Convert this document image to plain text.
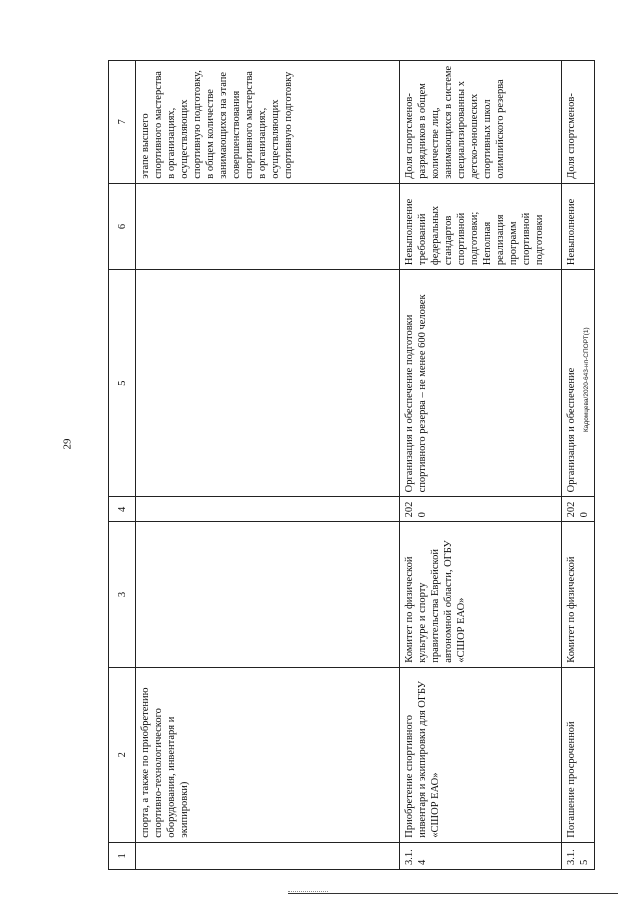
29
1	2	3	4	5	6	7
	спорта, а также по приобретению спортивно-технологического оборудования, инвентаря и экипировки)					этапе высшего спортивного мастерства в организациях, осуществляющих спортивную подготовку, в общем количестве занимающихся на этапе совершенствования спортивного мастерства в организациях, осуществляющих спортивную подготовку
3.1.4	Приобретение спортивного инвентаря и экипировки для ОГБУ «СШОР ЕАО»	Комитет по физической культуре и спорту правительства Еврейской автономной области, ОГБУ «СШОР ЕАО»	2020	Организация и обеспечение подготовки спортивного резерва – не менее 600 человек	Невыполнение требований федеральных стандартов спортивной подготовки; Неполная реализация программ спортивной подготовки	Доля спортсменов-разрядников в общем количестве лиц, занимающихся в системе специализированны х детско-юношеских спортивных школ олимпийского резерва
3.1.5	Погашение просроченной	Комитет по физической	2020	Организация и обеспечение	Невыполнение	Доля спортсменов-
Кадомцева/2020-643-нп-СПОРТ(1)
